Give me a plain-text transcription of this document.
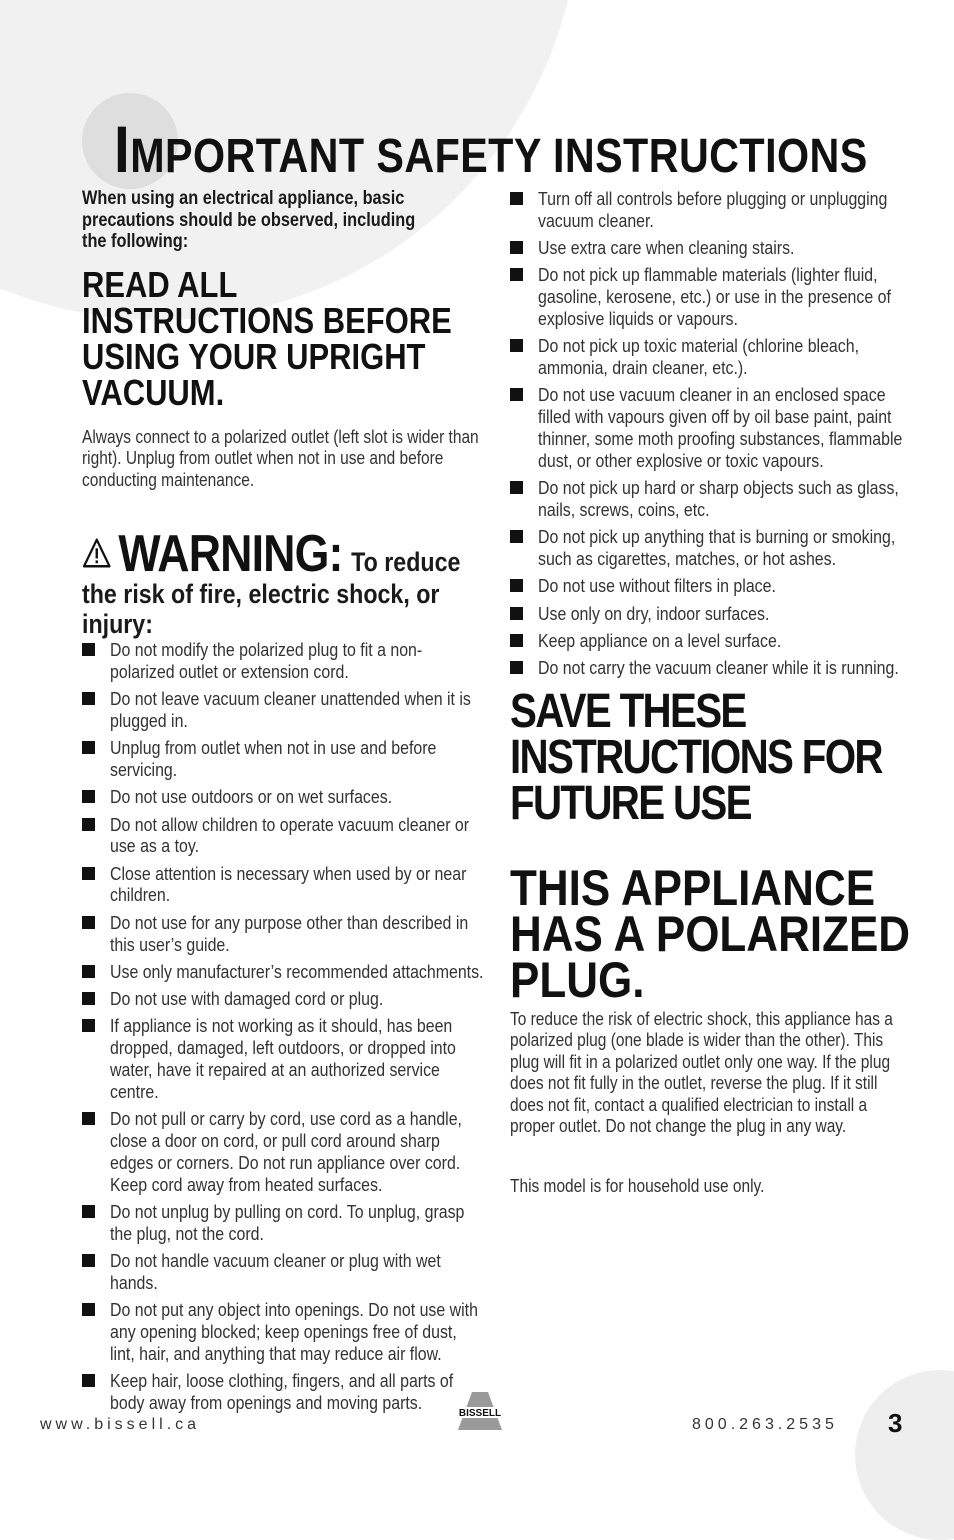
IMPORTANT SAFETY INSTRUCTIONS

When using an electrical appliance, basic precautions should be observed, including the following:

READ ALL INSTRUCTIONS BEFORE USING YOUR UPRIGHT VACUUM.

Always connect to a polarized outlet (left slot is wider than right). Unplug from outlet when not in use and before conducting maintenance.

WARNING: To reduce

the risk of fire, electric shock, or injury:

Do not modify the polarized plug to fit a non-polarized outlet or extension cord.
Do not leave vacuum cleaner unattended when it is plugged in.
Unplug from outlet when not in use and before servicing.
Do not use outdoors or on wet surfaces.
Do not allow children to operate vacuum cleaner or use as a toy.
Close attention is necessary when used by or near children.
Do not use for any purpose other than described in this user’s guide.
Use only manufacturer’s recommended attachments.
Do not use with damaged cord or plug.
If appliance is not working as it should, has been dropped, damaged, left outdoors, or dropped into water, have it repaired at an authorized service centre.
Do not pull or carry by cord, use cord as a handle, close a door on cord, or pull cord around sharp edges or corners. Do not run appliance over cord. Keep cord away from heated surfaces.
Do not unplug by pulling on cord. To unplug, grasp the plug, not the cord.
Do not handle vacuum cleaner or plug with wet hands.
Do not put any object into openings. Do not use with any opening blocked; keep openings free of dust, lint, hair, and anything that may reduce air flow.
Keep hair, loose clothing, fingers, and all parts of body away from openings and moving parts.
Turn off all controls before plugging or unplugging vacuum cleaner.
Use extra care when cleaning stairs.
Do not pick up flammable materials (lighter fluid, gasoline, kerosene, etc.) or use in the presence of explosive liquids or vapours.
Do not pick up toxic material (chlorine bleach, ammonia, drain cleaner, etc.).
Do not use vacuum cleaner in an enclosed space filled with vapours given off by oil base paint, paint thinner, some moth proofing substances, flammable dust, or other explosive or toxic vapours.
Do not pick up hard or sharp objects such as glass, nails, screws, coins, etc.
Do not pick up anything that is burning or smoking, such as cigarettes, matches, or hot ashes.
Do not use without filters in place.
Use only on dry, indoor surfaces.
Keep appliance on a level surface.
Do not carry the vacuum cleaner while it is running.
SAVE THESE INSTRUCTIONS FOR FUTURE USE
THIS APPLIANCE HAS A POLARIZED PLUG.

To reduce the risk of electric shock, this appliance has a polarized plug (one blade is wider than the other). This plug will fit in a polarized outlet only one way. If the plug does not fit fully in the outlet, reverse the plug. If it still does not fit, contact a qualified electrician to install a proper outlet. Do not change the plug in any way.

This model is for household use only.

www.bissell.ca
BISSELL
800.263.2535 3
